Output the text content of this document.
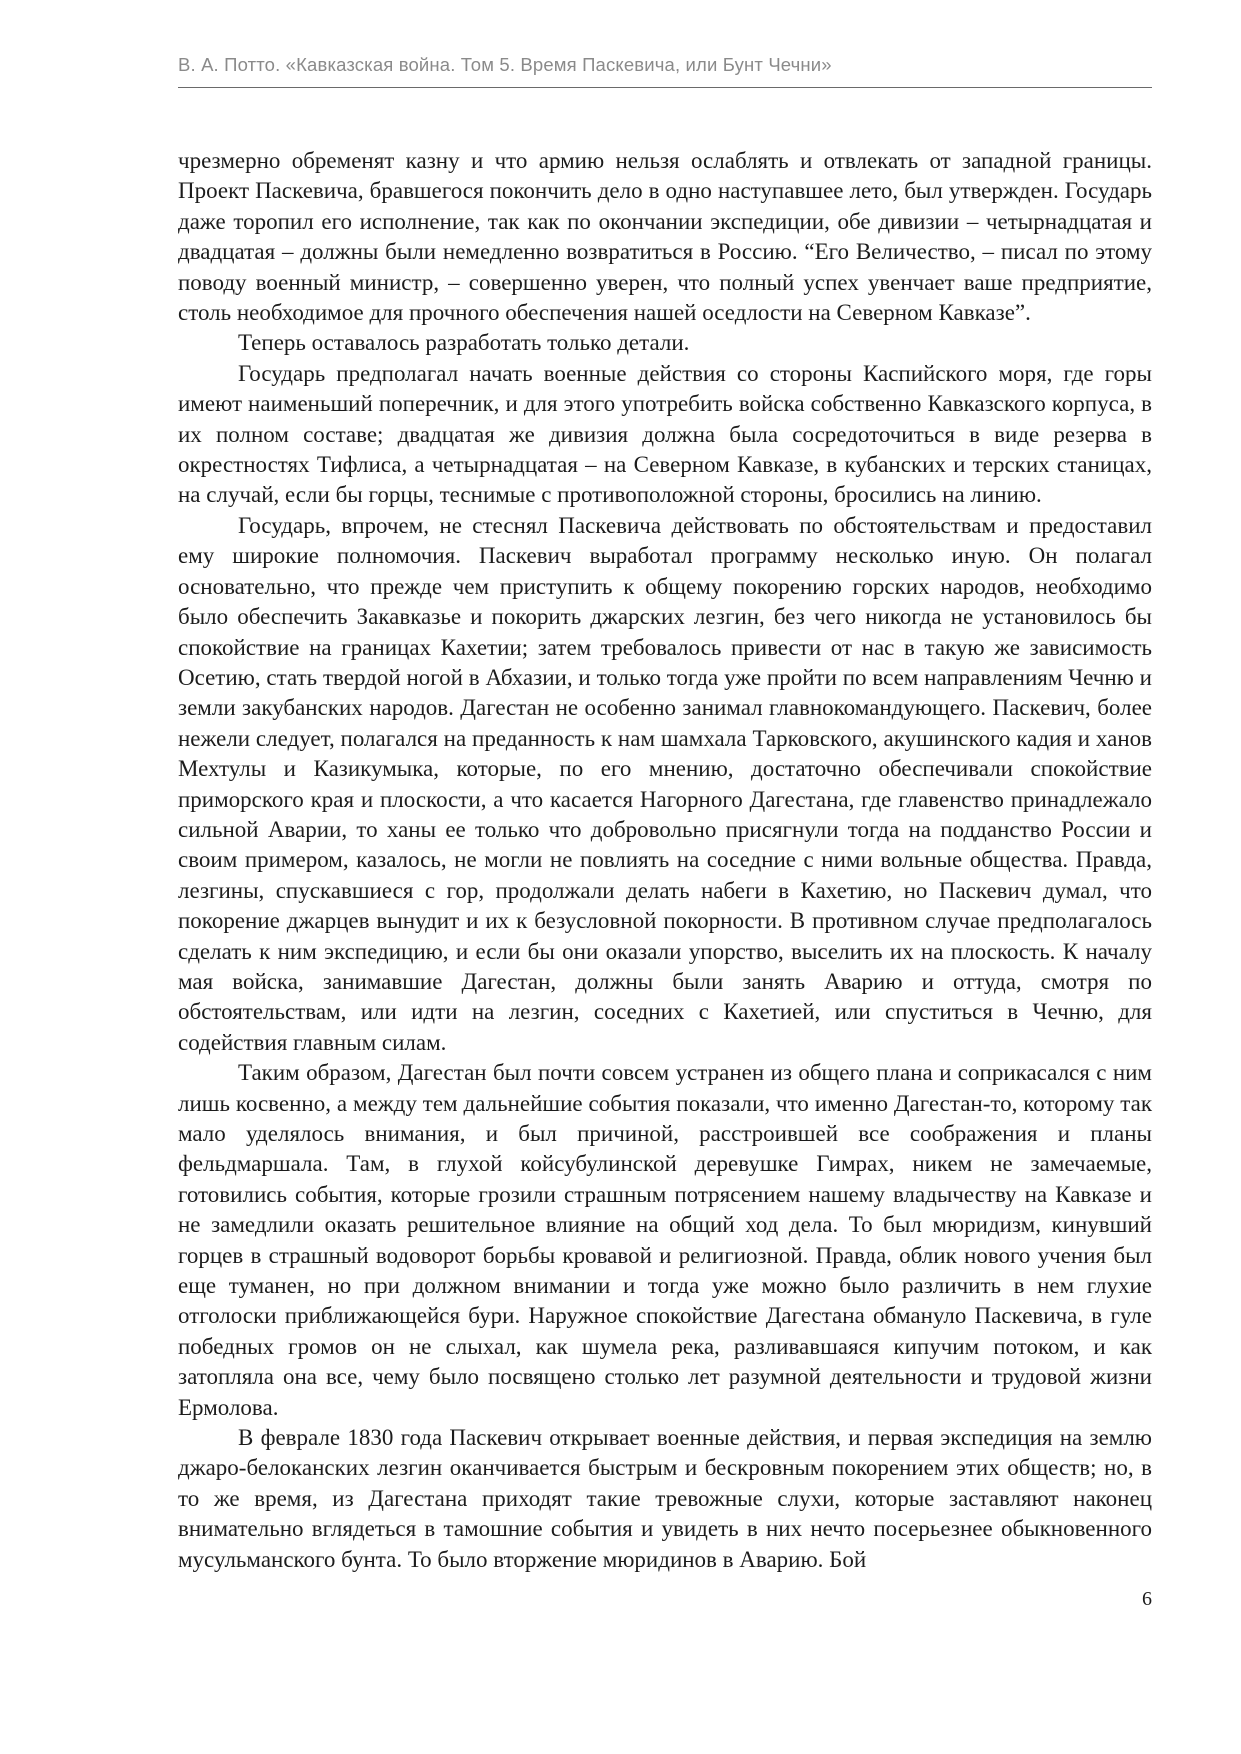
В. А. Потто. «Кавказская война. Том 5. Время Паскевича, или Бунт Чечни»

чрезмерно обременят казну и что армию нельзя ослаблять и отвлекать от западной границы. Проект Паскевича, бравшегося покончить дело в одно наступавшее лето, был утвержден. Государь даже торопил его исполнение, так как по окончании экспедиции, обе дивизии – четырнадцатая и двадцатая – должны были немедленно возвратиться в Россию. “Его Величество, – писал по этому поводу военный министр, – совершенно уверен, что полный успех увенчает ваше предприятие, столь необходимое для прочного обеспечения нашей оседлости на Северном Кавказе”.

Теперь оставалось разработать только детали.

Государь предполагал начать военные действия со стороны Каспийского моря, где горы имеют наименьший поперечник, и для этого употребить войска собственно Кавказского корпуса, в их полном составе; двадцатая же дивизия должна была сосредоточиться в виде резерва в окрестностях Тифлиса, а четырнадцатая – на Северном Кавказе, в кубанских и терских станицах, на случай, если бы горцы, теснимые с противоположной стороны, бросились на линию.

Государь, впрочем, не стеснял Паскевича действовать по обстоятельствам и предоставил ему широкие полномочия. Паскевич выработал программу несколько иную. Он полагал основательно, что прежде чем приступить к общему покорению горских народов, необходимо было обеспечить Закавказье и покорить джарских лезгин, без чего никогда не установилось бы спокойствие на границах Кахетии; затем требовалось привести от нас в такую же зависимость Осетию, стать твердой ногой в Абхазии, и только тогда уже пройти по всем направлениям Чечню и земли закубанских народов. Дагестан не особенно занимал главнокомандующего. Паскевич, более нежели следует, полагался на преданность к нам шамхала Тарковского, акушинского кадия и ханов Мехтулы и Казикумыка, которые, по его мнению, достаточно обеспечивали спокойствие приморского края и плоскости, а что касается Нагорного Дагестана, где главенство принадлежало сильной Аварии, то ханы ее только что добровольно присягнули тогда на подданство России и своим примером, казалось, не могли не повлиять на соседние с ними вольные общества. Правда, лезгины, спускавшиеся с гор, продолжали делать набеги в Кахетию, но Паскевич думал, что покорение джарцев вынудит и их к безусловной покорности. В противном случае предполагалось сделать к ним экспедицию, и если бы они оказали упорство, выселить их на плоскость. К началу мая войска, занимавшие Дагестан, должны были занять Аварию и оттуда, смотря по обстоятельствам, или идти на лезгин, соседних с Кахетией, или спуститься в Чечню, для содействия главным силам.

Таким образом, Дагестан был почти совсем устранен из общего плана и соприкасался с ним лишь косвенно, а между тем дальнейшие события показали, что именно Дагестан-то, которому так мало уделялось внимания, и был причиной, расстроившей все соображения и планы фельдмаршала. Там, в глухой койсубулинской деревушке Гимрах, никем не замечаемые, готовились события, которые грозили страшным потрясением нашему владычеству на Кавказе и не замедлили оказать решительное влияние на общий ход дела. То был мюридизм, кинувший горцев в страшный водоворот борьбы кровавой и религиозной. Правда, облик нового учения был еще туманен, но при должном внимании и тогда уже можно было различить в нем глухие отголоски приближающейся бури. Наружное спокойствие Дагестана обмануло Паскевича, в гуле победных громов он не слыхал, как шумела река, разливавшаяся кипучим потоком, и как затопляла она все, чему было посвящено столько лет разумной деятельности и трудовой жизни Ермолова.

В феврале 1830 года Паскевич открывает военные действия, и первая экспедиция на землю джаро-белоканских лезгин оканчивается быстрым и бескровным покорением этих обществ; но, в то же время, из Дагестана приходят такие тревожные слухи, которые заставляют наконец внимательно вглядеться в тамошние события и увидеть в них нечто посерьезнее обыкновенного мусульманского бунта. То было вторжение мюридинов в Аварию. Бой

6
